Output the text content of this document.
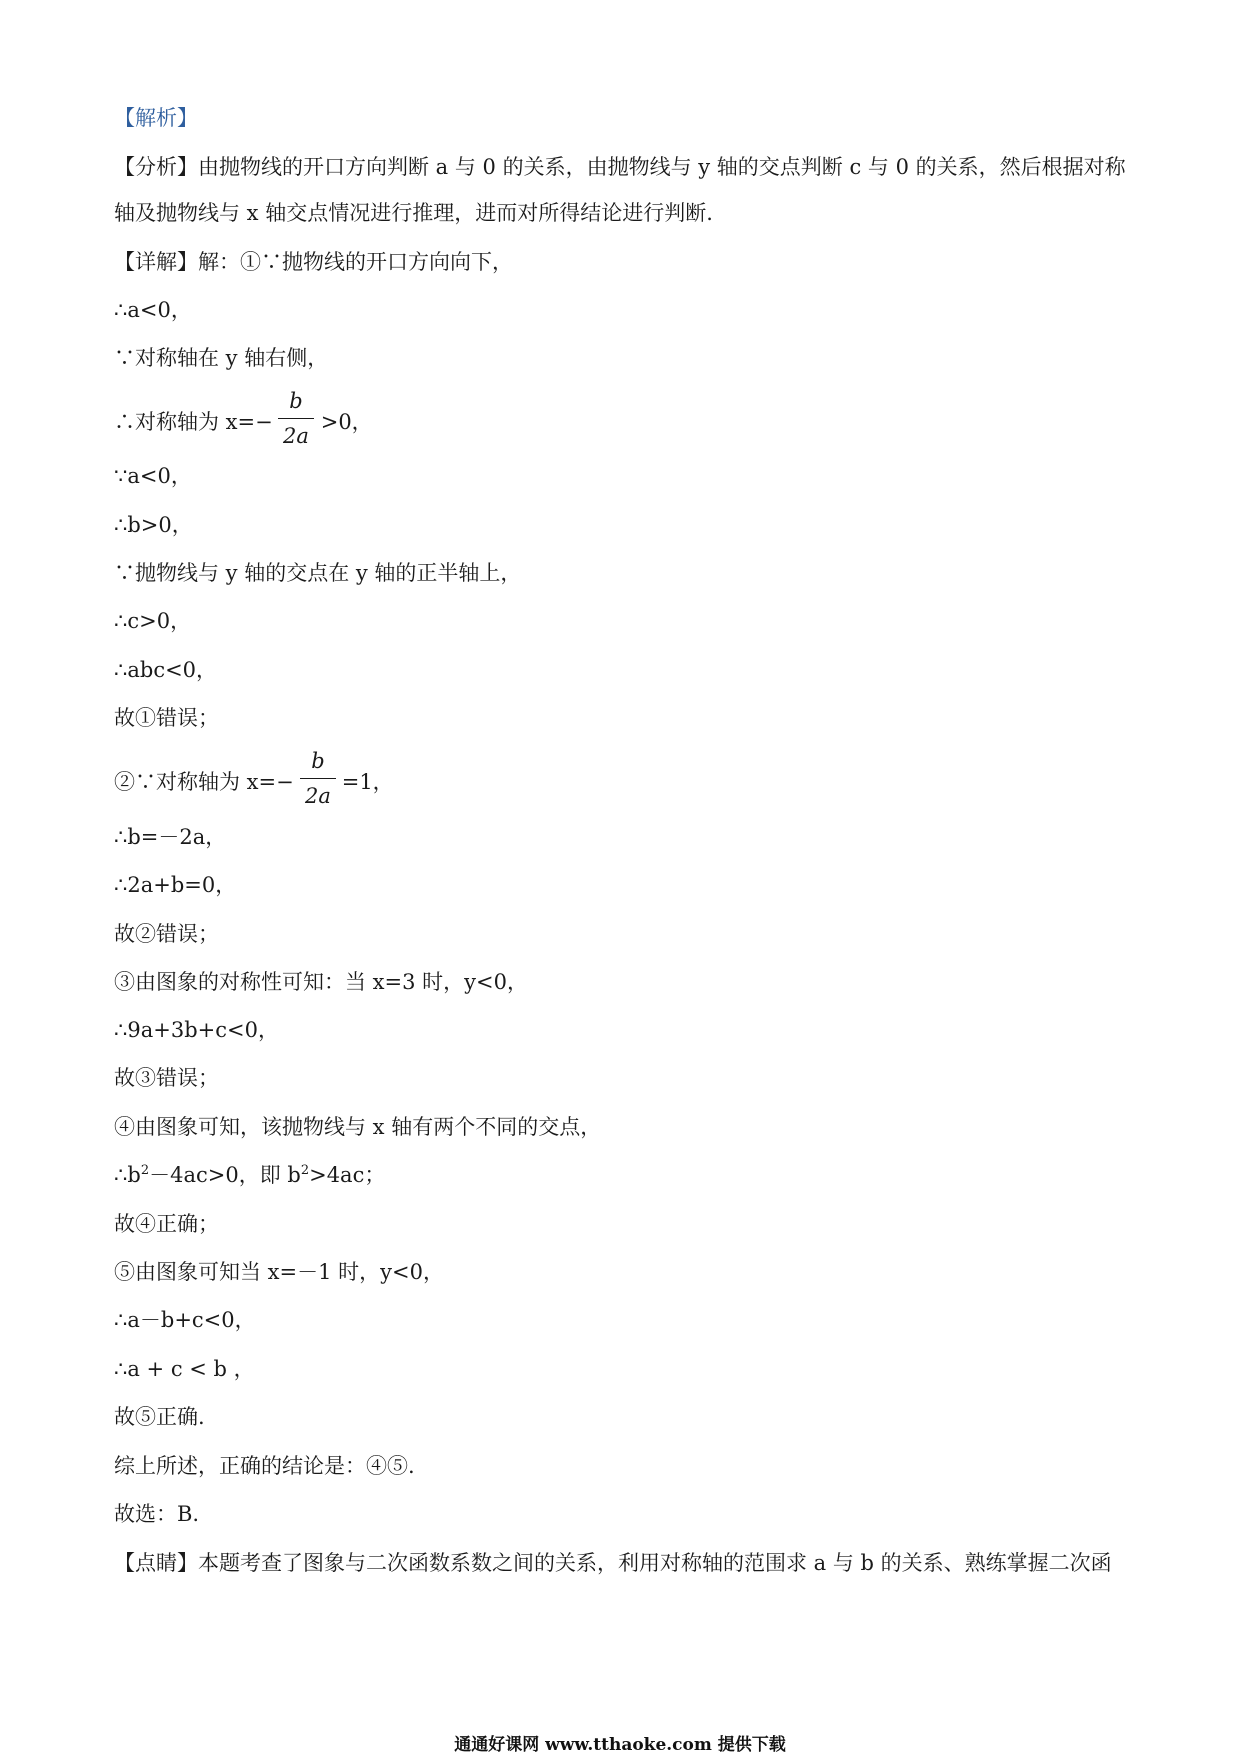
【解析】
【分析】由抛物线的开口方向判断 a 与 0 的关系，由抛物线与 y 轴的交点判断 c 与 0 的关系，然后根据对称
轴及抛物线与 x 轴交点情况进行推理，进而对所得结论进行判断.
【详解】解：①∵抛物线的开口方向向下，
∴a<0，
∵对称轴在 y 轴右侧，
∴对称轴为 x=− >0，
b
2a
∵a<0，
∴b>0，
∵抛物线与 y 轴的交点在 y 轴的正半轴上，
∴c>0，
∴abc<0，
故①错误；
②∵对称轴为 x=− =1，
b
2a
∴b=－2a，
∴2a+b=0，
故②错误；
③由图象的对称性可知：当 x=3 时，y<0，
∴9a+3b+c<0，
故③错误；
④由图象可知，该抛物线与 x 轴有两个不同的交点，
$\therefore b^2-4ac>0$，即 $b^2>4ac$；
故④正确；
⑤由图象可知当 x=－1 时，y<0，
∴a－b+c<0，
∴a + c < b ，
故⑤正确.
综上所述，正确的结论是：④⑤.
故选：B.
【点睛】本题考查了图象与二次函数系数之间的关系，利用对称轴的范围求 a 与 b 的关系、熟练掌握二次函
通通好课网 www.tthaoke.com 提供下载
